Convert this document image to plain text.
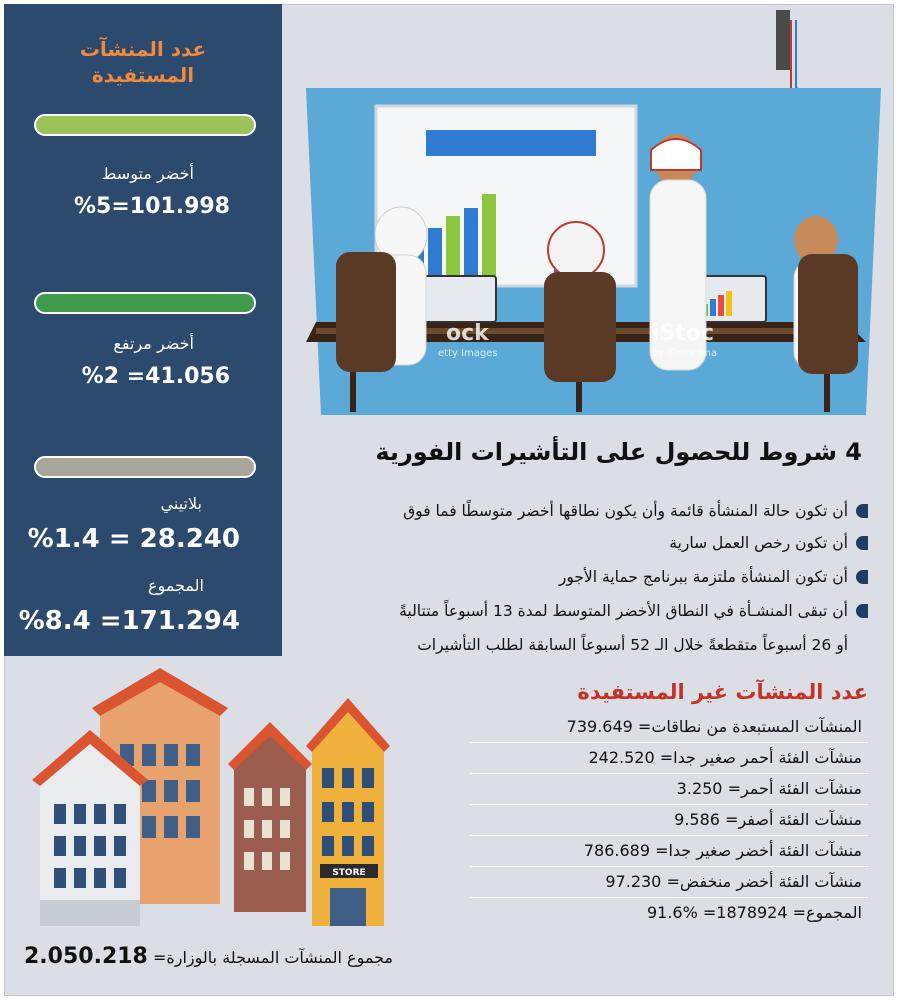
عدد المنشآت المستفيدة
أخضر متوسط
%5=101.998
أخضر مرتفع
%2 =41.056
بلاتيني
%1.4 = 28.240
المجموع
%8.4 =171.294
ock
etty Images
iStoc
by Getty Ima
4 شروط للحصول على التأشيرات الفورية
أن تكون حالة المنشأة قائمة وأن يكون نطاقها أخضر متوسطًا فما فوق
أن تكون رخص العمل سارية
أن تكون المنشأة ملتزمة ببرنامج حماية الأجور
أن تبقى المنشـأة في النطاق الأخضر المتوسط لمدة 13 أسبوعاً متتاليةً
أو 26 أسبوعاً متقطعةً خلال الـ 52 أسبوعاً السابقة لطلب التأشيرات
عدد المنشآت غير المستفيدة
المنشآت المستبعدة من نطاقات= 739.649
منشآت الفئة أحمر صغير جدا= 242.520
منشآت الفئة أحمر= 3.250
منشآت الفئة أصفر= 9.586
منشآت الفئة أخضر صغير جدا= 786.689
منشآت الفئة أخضر منخفض= 97.230
المجموع= 1878924= %91.6
STORE
2.050.218 مجموع المنشآت المسجلة بالوزارة=
